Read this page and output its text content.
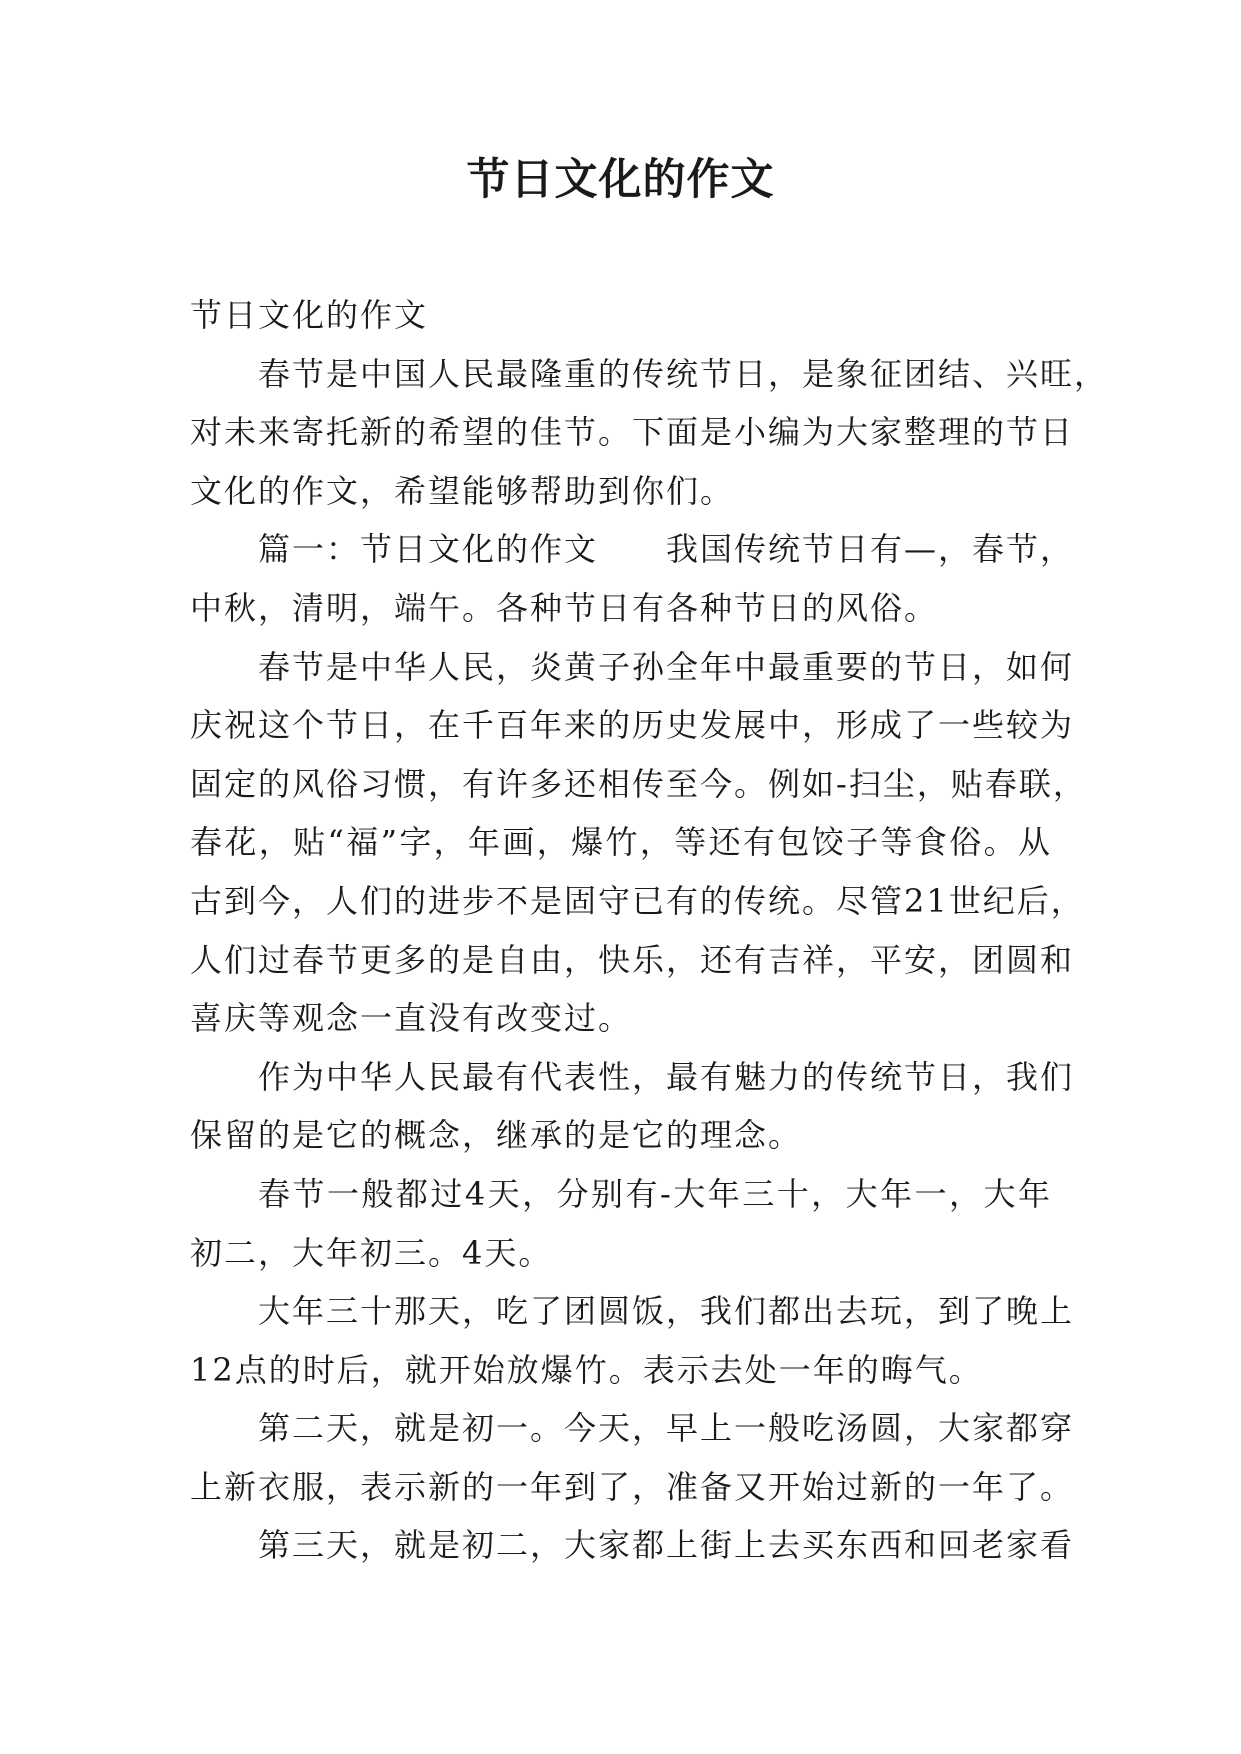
节日文化的作文
节日文化的作文
春节是中国人民最隆重的传统节日，是象征团结、兴旺，
对未来寄托新的希望的佳节。下面是小编为大家整理的节日
文化的作文，希望能够帮助到你们。
篇一：节日文化的作文　　我国传统节日有—，春节，
中秋，清明，端午。各种节日有各种节日的风俗。
春节是中华人民，炎黄子孙全年中最重要的节日，如何
庆祝这个节日，在千百年来的历史发展中，形成了一些较为
固定的风俗习惯，有许多还相传至今。例如-扫尘，贴春联，
春花，贴“福”字，年画，爆竹，等还有包饺子等食俗。从
古到今，人们的进步不是固守已有的传统。尽管21世纪后，
人们过春节更多的是自由，快乐，还有吉祥，平安，团圆和
喜庆等观念一直没有改变过。
作为中华人民最有代表性，最有魅力的传统节日，我们
保留的是它的概念，继承的是它的理念。
春节一般都过4天，分别有-大年三十，大年一，大年
初二，大年初三。4天。
大年三十那天，吃了团圆饭，我们都出去玩，到了晚上
12点的时后，就开始放爆竹。表示去处一年的晦气。
第二天，就是初一。今天，早上一般吃汤圆，大家都穿
上新衣服，表示新的一年到了，准备又开始过新的一年了。
第三天，就是初二，大家都上街上去买东西和回老家看
